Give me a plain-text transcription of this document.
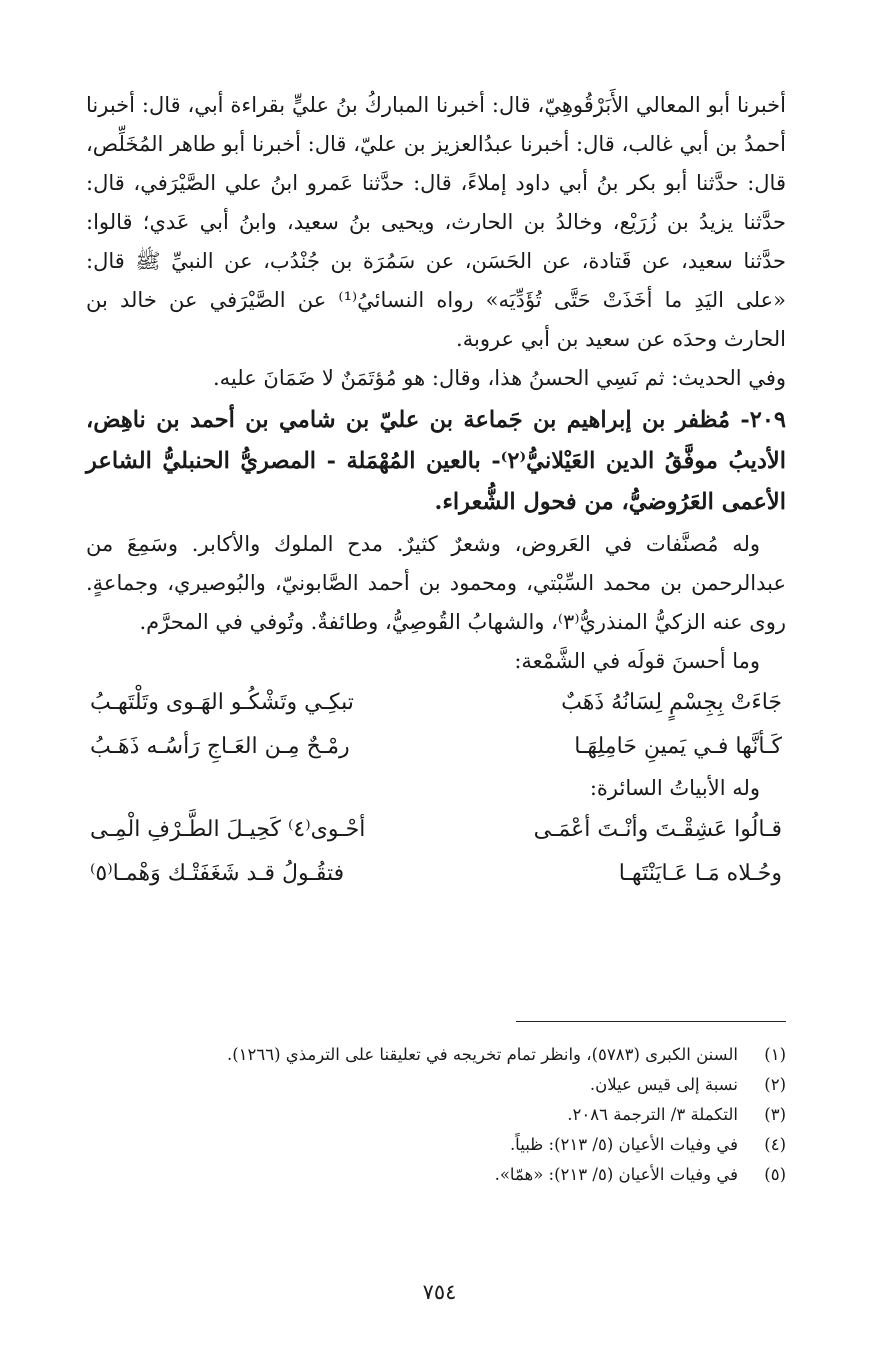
أخبرنا أبو المعالي الأَبَرْقُوهِيّ، قال: أخبرنا المباركُ بنُ عليٍّ بقراءة أبي، قال: أخبرنا أحمدُ بن أبي غالب، قال: أخبرنا عبدُالعزيز بن عليّ، قال: أخبرنا أبو طاهر المُخَلِّص، قال: حدَّثنا أبو بكر بنُ أبي داود إملاءً، قال: حدَّثنا عَمرو ابنُ علي الصَّيْرَفي، قال: حدَّثنا يزيدُ بن زُرَيْع، وخالدُ بن الحارث، ويحيى بنُ سعيد، وابنُ أبي عَدي؛ قالوا: حدَّثنا سعيد، عن قَتادة، عن الحَسَن، عن سَمُرَة بن جُنْدُب، عن النبيِّ ﷺ قال: «على اليَدِ ما أخَذَتْ حَتَّى تُؤَدِّيَه» رواه النسائيُ⁽¹⁾ عن الصَّيْرَفي عن خالد بن الحارث وحدَه عن سعيد بن أبي عروبة.

وفي الحديث: ثم نَسِي الحسنُ هذا، وقال: هو مُؤتَمَنٌ لا ضَمَانَ عليه.

٢٠٩- مُظفر بن إبراهيم بن جَماعة بن عليّ بن شامي بن أحمد بن ناهِض، الأديبُ موفَّقُ الدين العَيْلانيُّ⁽٢⁾- بالعين المُهْمَلة - المصريُّ الحنبليُّ الشاعر الأعمى العَرُوضيُّ، من فحول الشُّعراء.

وله مُصنَّفات في العَروض، وشعرٌ كثيرٌ. مدح الملوك والأكابر. وسَمِعَ من عبدالرحمن بن محمد السِّبْتي، ومحمود بن أحمد الصَّابونيّ، والبُوصيري، وجماعةٍ. روى عنه الزكيُّ المنذريُّ⁽٣⁾، والشهابُ القُوصِيُّ، وطائفةٌ. وتُوفي في المحرَّم.

وما أحسنَ قولَه في الشَّمْعة:

جَاءَتْ بِجِسْمٍ لِسَانُهُ ذَهَبٌ
تبكِـي وتَشْكُـو الهَـوى وتَلْتَهـبُ
كَـأنَّها فـي يَمينِ حَامِلِهَـا
رمْـحٌ مِـن العَـاجِ رَأسُـه ذَهَـبُ

وله الأبياتُ السائرة:

قـالُوا عَشِقْـتَ وأنْـتَ أعْمَـى
أحْـوى⁽٤⁾ كَحِيـلَ الطَّـرْفِ الْمِـى
وحُـلاه مَـا عَـايَنْتَهـا
فتقُـولُ قـد شَغَفَتْـك وَهْمـا⁽٥⁾
(١)
السنن الكبرى (٥٧٨٣)، وانظر تمام تخريجه في تعليقنا على الترمذي (١٢٦٦).
(٢)
نسبة إلى قيس عيلان.
(٣)
التكملة ٣/ الترجمة ٢٠٨٦.
(٤)
في وفيات الأعيان (٥/ ٢١٣): ظبياً.
(٥)
في وفيات الأعيان (٥/ ٢١٣): «همّا».
٧٥٤
